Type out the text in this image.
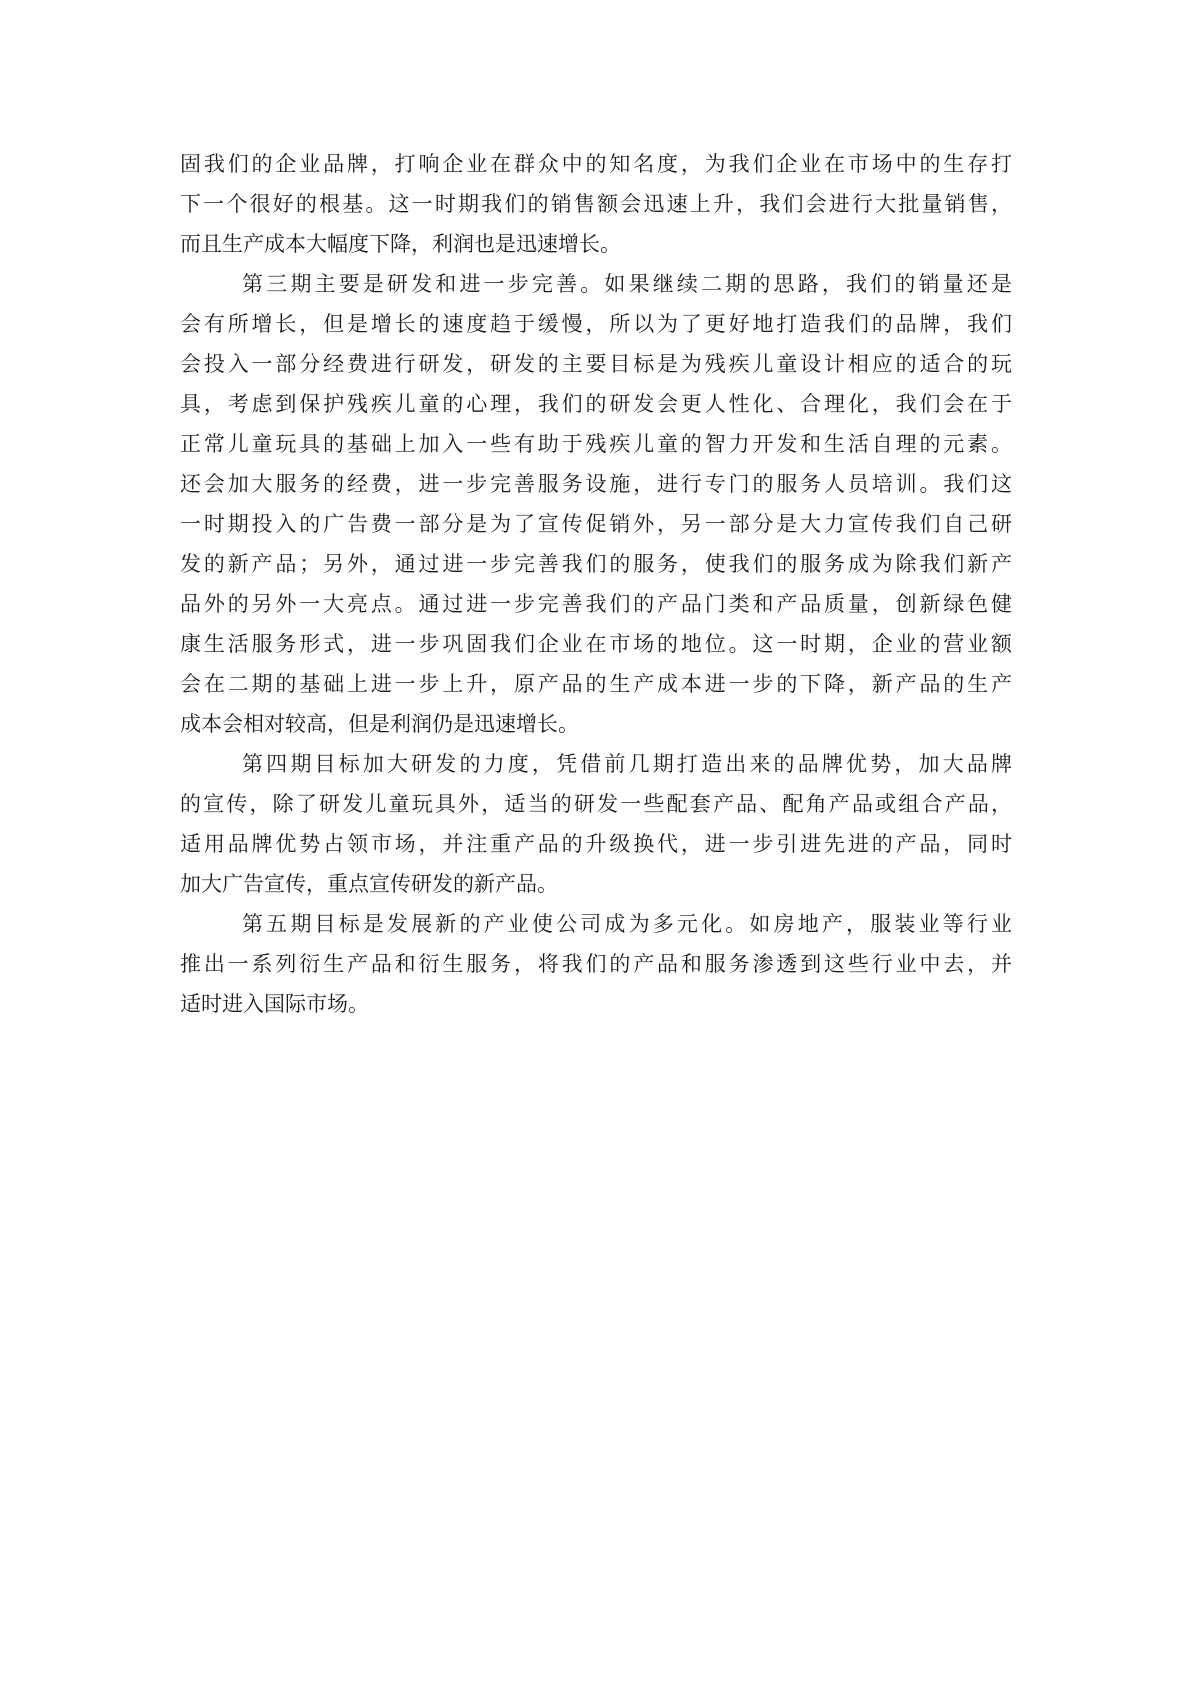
固我们的企业品牌，打响企业在群众中的知名度，为我们企业在市场中的生存打
下一个很好的根基。这一时期我们的销售额会迅速上升，我们会进行大批量销售，
而且生产成本大幅度下降，利润也是迅速增长。
第三期主要是研发和进一步完善。如果继续二期的思路，我们的销量还是
会有所增长，但是增长的速度趋于缓慢，所以为了更好地打造我们的品牌，我们
会投入一部分经费进行研发，研发的主要目标是为残疾儿童设计相应的适合的玩
具，考虑到保护残疾儿童的心理，我们的研发会更人性化、合理化，我们会在于
正常儿童玩具的基础上加入一些有助于残疾儿童的智力开发和生活自理的元素。
还会加大服务的经费，进一步完善服务设施，进行专门的服务人员培训。我们这
一时期投入的广告费一部分是为了宣传促销外，另一部分是大力宣传我们自己研
发的新产品；另外，通过进一步完善我们的服务，使我们的服务成为除我们新产
品外的另外一大亮点。通过进一步完善我们的产品门类和产品质量，创新绿色健
康生活服务形式，进一步巩固我们企业在市场的地位。这一时期，企业的营业额
会在二期的基础上进一步上升，原产品的生产成本进一步的下降，新产品的生产
成本会相对较高，但是利润仍是迅速增长。
第四期目标加大研发的力度，凭借前几期打造出来的品牌优势，加大品牌
的宣传，除了研发儿童玩具外，适当的研发一些配套产品、配角产品或组合产品，
适用品牌优势占领市场，并注重产品的升级换代，进一步引进先进的产品，同时
加大广告宣传，重点宣传研发的新产品。
第五期目标是发展新的产业使公司成为多元化。如房地产，服装业等行业
推出一系列衍生产品和衍生服务，将我们的产品和服务渗透到这些行业中去，并
适时进入国际市场。
